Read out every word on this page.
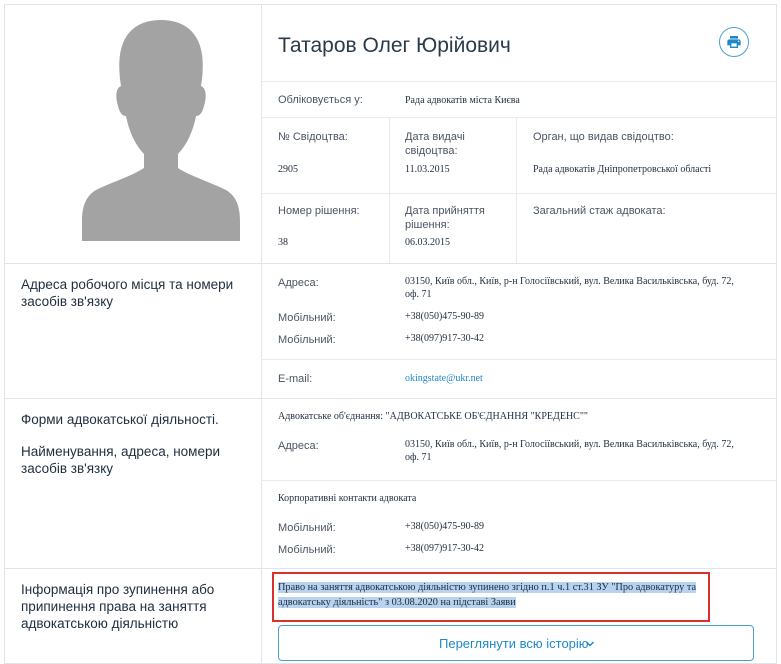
Татаров Олег Юрійович
Обліковується у:	Рада адвокатів міста Києва
№ Свідоцтва:
2905
Дата видачі свідоцтва:
11.03.2015
Орган, що видав свідоцтво:
Рада адвокатів Дніпропетровської області
Номер рішення:
38
Дата прийняття рішення:
06.03.2015
Загальний стаж адвоката:
Адреса робочого місця та номери засобів зв'язку
Адреса:	03150, Київ обл., Київ, р-н Голосіївський, вул. Велика Васильківська, буд. 72, оф. 71
Мобільний:	+38(050)475-90-89
Мобільний:	+38(097)917-30-42
E-mail:	okingstate@ukr.net
Форми адвокатської діяльності.
Найменування, адреса, номери засобів зв'язку
Адвокатське об'єднання: "АДВОКАТСЬКЕ ОБ'ЄДНАННЯ "КРЕДЕНС""
Адреса:	03150, Київ обл., Київ, р-н Голосіївський, вул. Велика Васильківська, буд. 72, оф. 71
Корпоративні контакти адвоката
Мобільний:	+38(050)475-90-89
Мобільний:	+38(097)917-30-42
Інформація про зупинення або припинення права на заняття адвокатською діяльністю
Право на заняття адвокатською діяльністю зупинено згідно п.1 ч.1 ст.31 ЗУ "Про адвокатуру та адвокатську діяльність" з 03.08.2020 на підставі Заяви
Переглянути всю історію
